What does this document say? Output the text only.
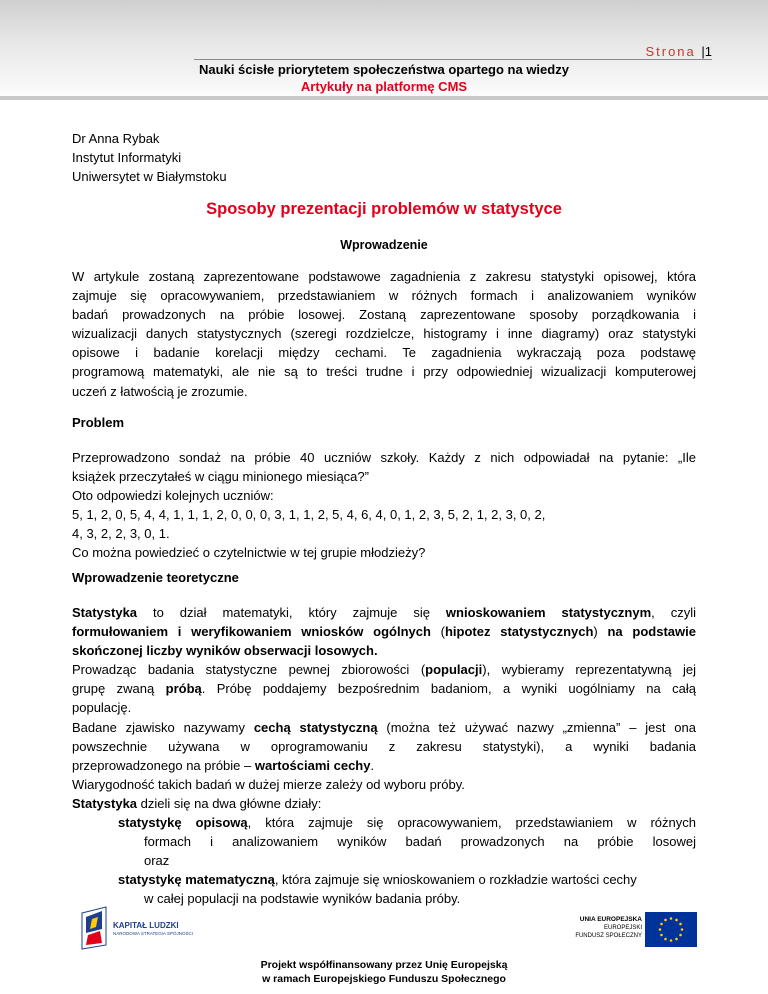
Strona |1
Nauki ścisłe priorytetem społeczeństwa opartego na wiedzy
Artykuły na platformę CMS
Dr Anna Rybak
Instytut Informatyki
Uniwersytet w Białymstoku
Sposoby prezentacji problemów w statystyce
Wprowadzenie
W artykule zostaną zaprezentowane podstawowe zagadnienia z zakresu statystyki opisowej, która
zajmuje się opracowywaniem, przedstawianiem w różnych formach i analizowaniem wyników
badań prowadzonych na próbie losowej. Zostaną zaprezentowane sposoby porządkowania i
wizualizacji danych statystycznych (szeregi rozdzielcze, histogramy i inne diagramy) oraz statystyki
opisowe i badanie korelacji między cechami. Te zagadnienia wykraczają poza podstawę
programową matematyki, ale nie są to treści trudne i przy odpowiedniej wizualizacji komputerowej
uczeń z łatwością je zrozumie.
Problem
Przeprowadzono sondaż na próbie 40 uczniów szkoły. Każdy z nich odpowiadał na pytanie: „Ile
książek przeczytałeś w ciągu minionego miesiąca?”
Oto odpowiedzi kolejnych uczniów:
5, 1, 2, 0, 5, 4, 4, 1, 1, 1, 2, 0, 0, 0, 3, 1, 1, 2, 5, 4, 6, 4, 0, 1, 2, 3, 5, 2, 1, 2, 3, 0, 2,
4, 3, 2, 2, 3, 0, 1.
Co można powiedzieć o czytelnictwie w tej grupie młodzieży?
Wprowadzenie teoretyczne
Statystyka to dział matematyki, który zajmuje się wnioskowaniem statystycznym, czyli
formułowaniem i weryfikowaniem wniosków ogólnych (hipotez statystycznych) na podstawie
skończonej liczby wyników obserwacji losowych.
Prowadząc badania statystyczne pewnej zbiorowości (populacji), wybieramy reprezentatywną jej
grupę zwaną próbą. Próbę poddajemy bezpośrednim badaniom, a wyniki uogólniamy na całą
populację.
Badane zjawisko nazywamy cechą statystyczną (można też używać nazwy „zmienna” – jest ona
powszechnie używana w oprogramowaniu z zakresu statystyki), a wyniki badania
przeprowadzonego na próbie – wartościami cechy.
Wiarygodność takich badań w dużej mierze zależy od wyboru próby.
Statystyka dzieli się na dwa główne działy:
statystykę opisową, która zajmuje się opracowywaniem, przedstawianiem w różnych
formach i analizowaniem wyników badań prowadzonych na próbie losowej
oraz
statystykę matematyczną, która zajmuje się wnioskowaniem o rozkładzie wartości cechy
w całej populacji na podstawie wyników badania próby.
KAPITAŁ LUDZKI
NARODOWA STRATEGIA SPÓJNOŚCI
UNIA EUROPEJSKA
EUROPEJSKI
FUNDUSZ SPOŁECZNY
Projekt współfinansowany przez Unię Europejską
w ramach Europejskiego Funduszu Społecznego
